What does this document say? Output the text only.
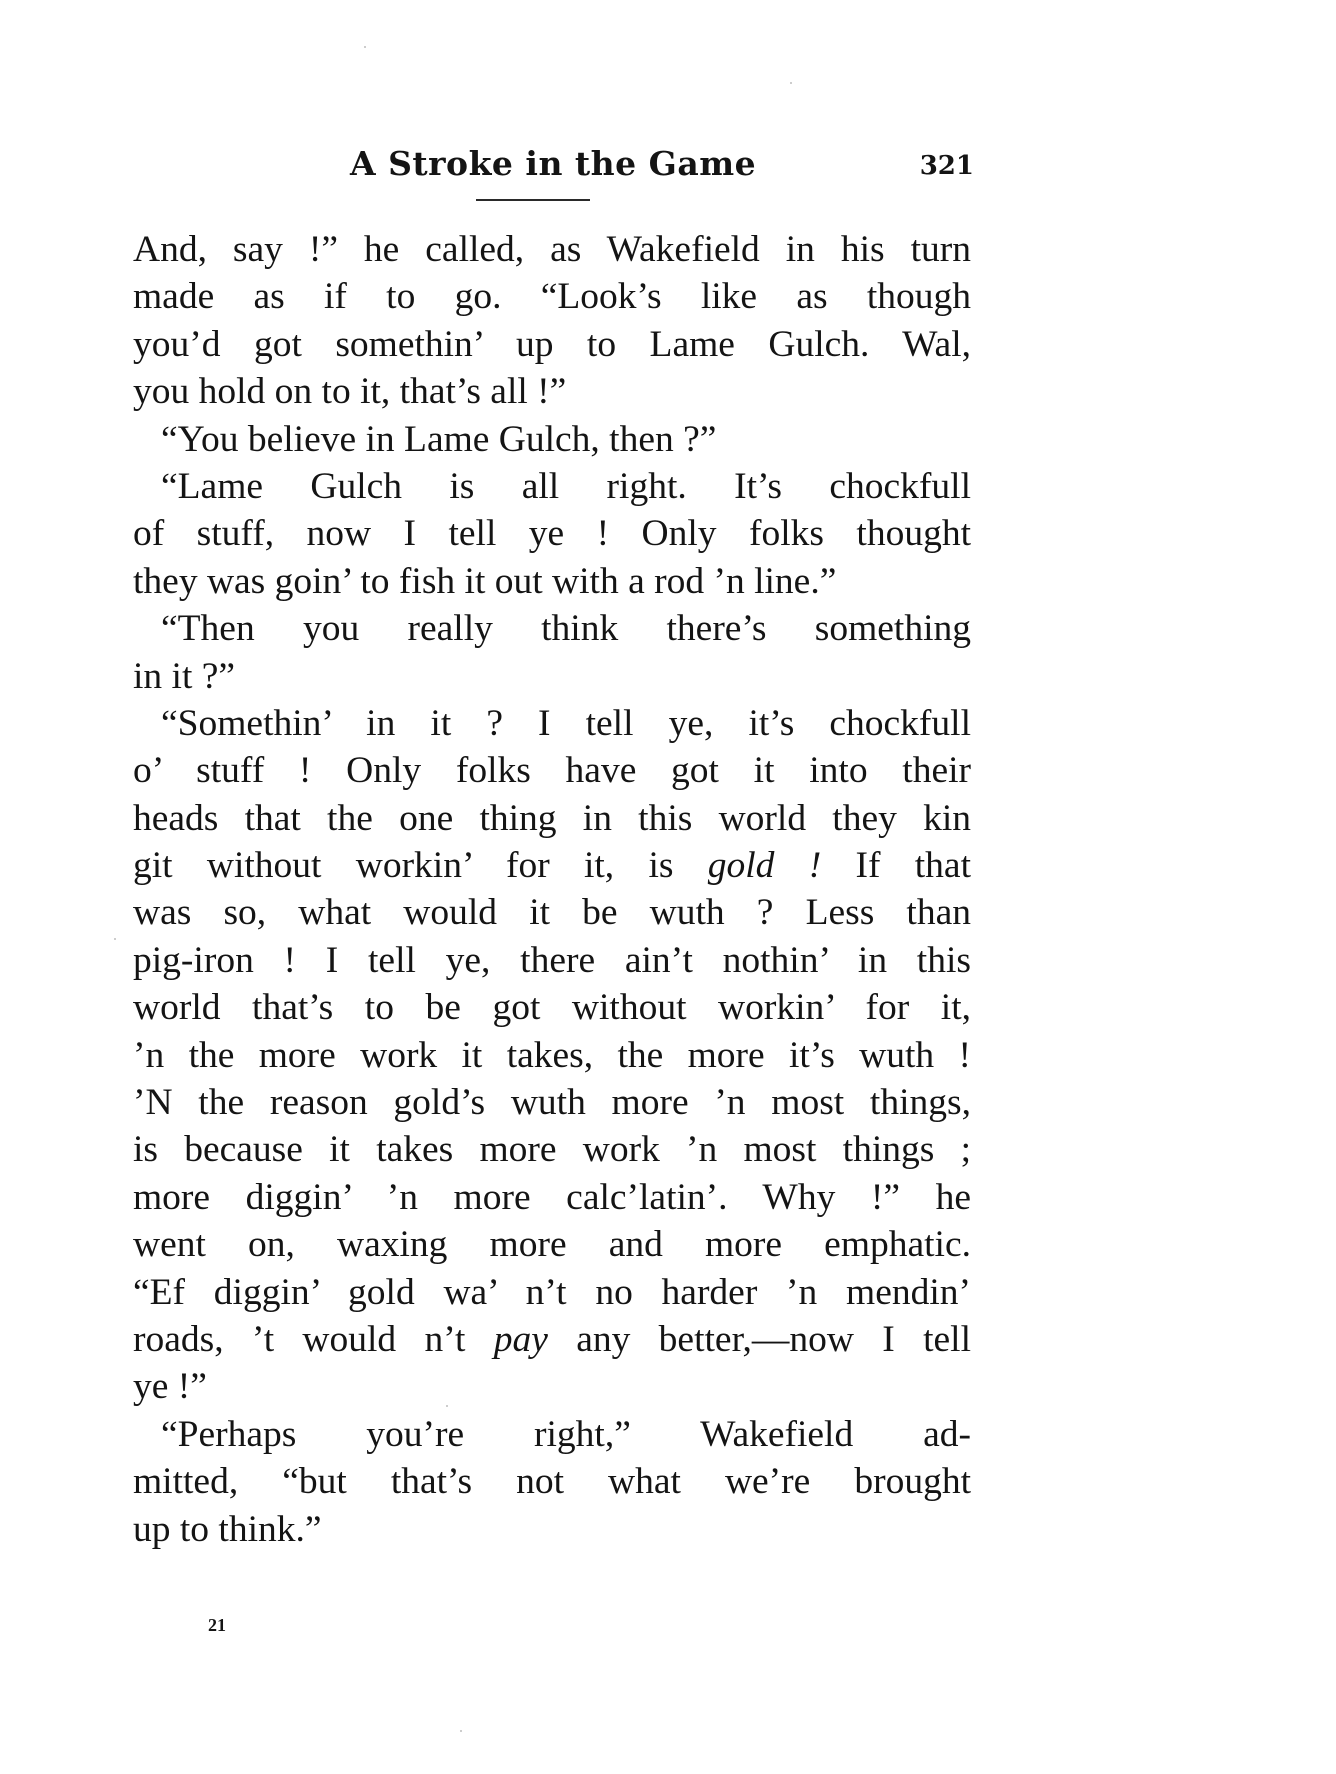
A Stroke in the Game	321
And, say !” he called, as Wakefield in his turn
made as if to go. “Look’s like as though
you’d got somethin’ up to Lame Gulch. Wal,
you hold on to it, that’s all !”
“You believe in Lame Gulch, then ?”
“Lame Gulch is all right. It’s chockfull
of stuff, now I tell ye ! Only folks thought
they was goin’ to fish it out with a rod ’n line.”
“Then you really think there’s something
in it ?”
“Somethin’ in it ? I tell ye, it’s chockfull
o’ stuff ! Only folks have got it into their
heads that the one thing in this world they kin
git without workin’ for it, is gold ! If that
was so, what would it be wuth ? Less than
pig-iron ! I tell ye, there ain’t nothin’ in this
world that’s to be got without workin’ for it,
’n the more work it takes, the more it’s wuth !
’N the reason gold’s wuth more ’n most things,
is because it takes more work ’n most things ;
more diggin’ ’n more calc’latin’. Why !” he
went on, waxing more and more emphatic.
“Ef diggin’ gold wa’ n’t no harder ’n mendin’
roads, ’t would n’t pay any better,—now I tell
ye !”
“Perhaps you’re right,” Wakefield ad-
mitted, “but that’s not what we’re brought
up to think.”
21
